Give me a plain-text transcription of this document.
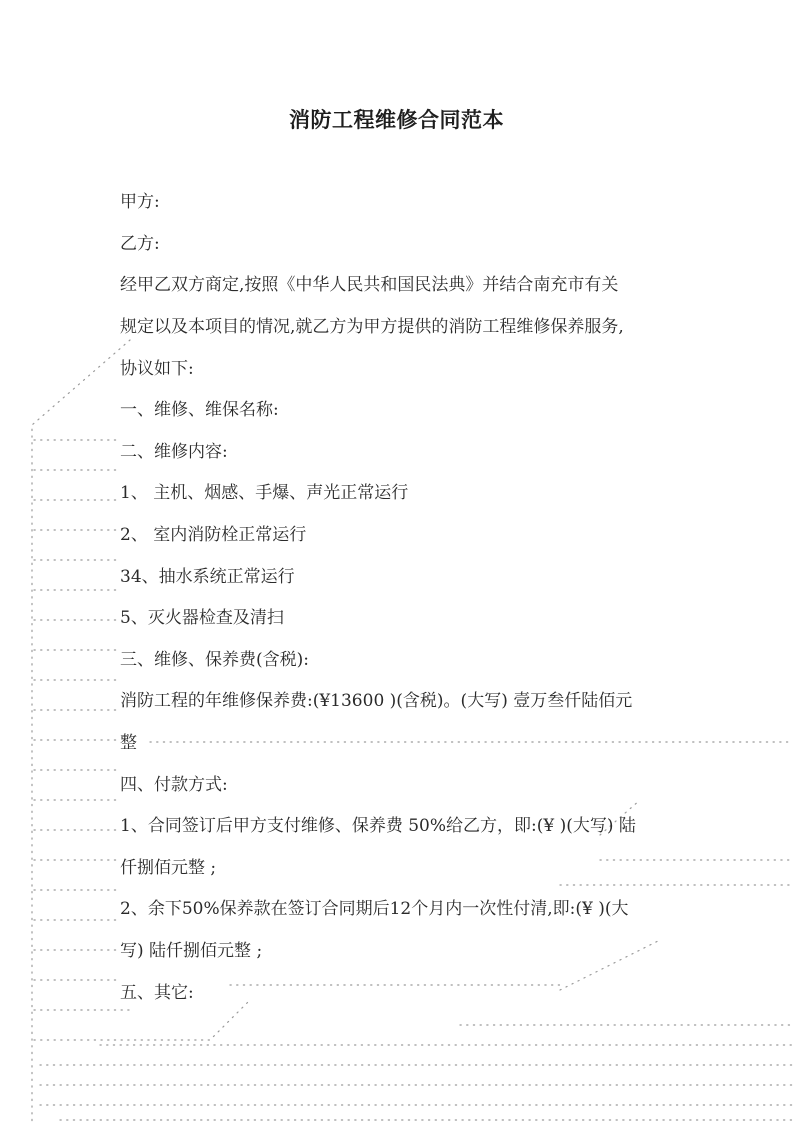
消防工程维修合同范本
甲方:
乙方:
经甲乙双方商定,按照《中华人民共和国民法典》并结合南充市有关
规定以及本项目的情况,就乙方为甲方提供的消防工程维修保养服务,
协议如下:
一、维修、维保名称:
二、维修内容:
1、 主机、烟感、手爆、声光正常运行
2、 室内消防栓正常运行
34、抽水系统正常运行
5、灭火器检查及清扫
三、维修、保养费(含税):
消防工程的年维修保养费:(¥13600 )(含税)。(大写) 壹万叁仟陆佰元
整
四、付款方式:
1、合同签订后甲方支付维修、保养费 50%给乙方，即:(¥ )(大写) 陆
仟捌佰元整 ;
2、余下50%保养款在签订合同期后12个月内一次性付清,即:(¥ )(大
写) 陆仟捌佰元整 ;
五、其它:
